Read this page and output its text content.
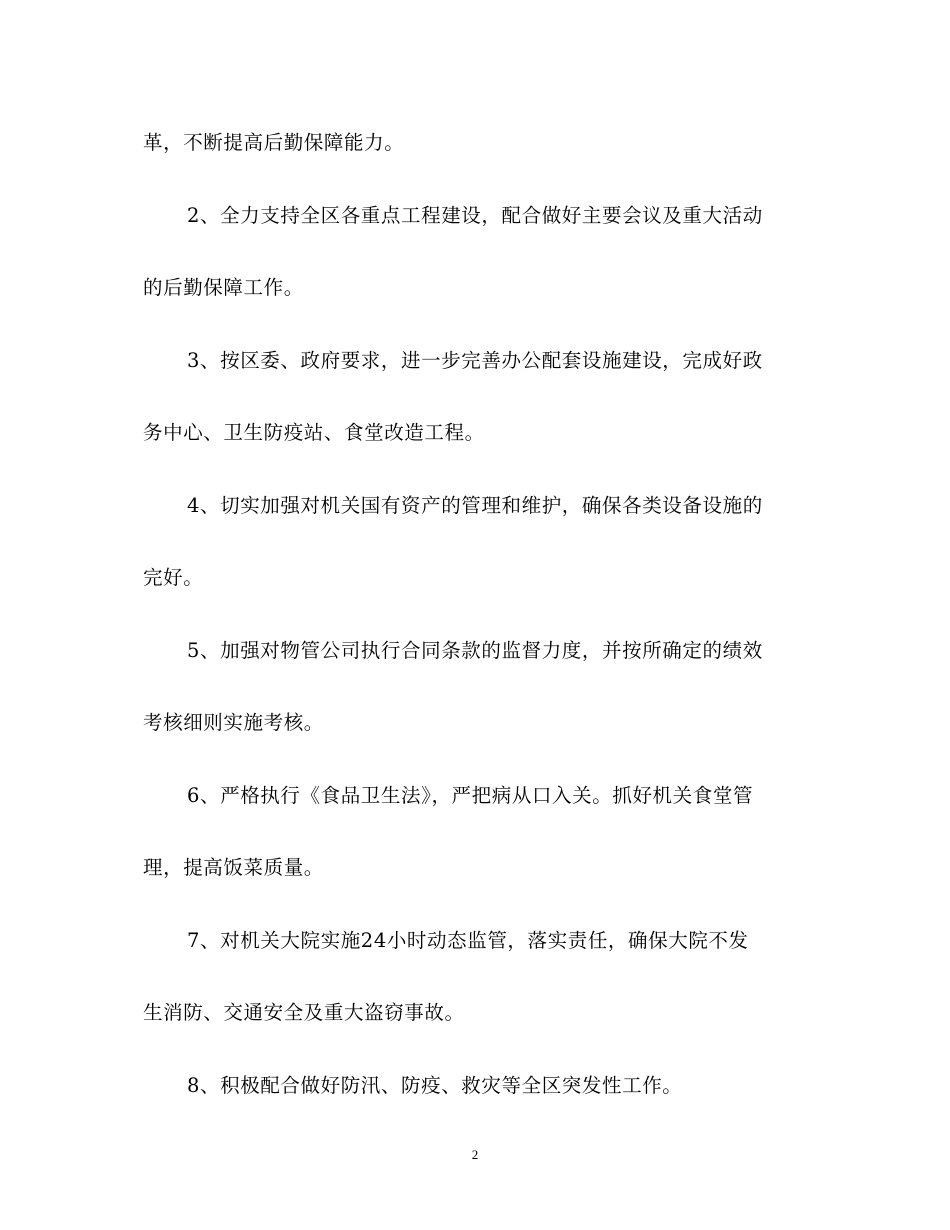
革，不断提高后勤保障能力。
2、全力支持全区各重点工程建设，配合做好主要会议及重大活动
的后勤保障工作。
3、按区委、政府要求，进一步完善办公配套设施建设，完成好政
务中心、卫生防疫站、食堂改造工程。
4、切实加强对机关国有资产的管理和维护，确保各类设备设施的
完好。
5、加强对物管公司执行合同条款的监督力度，并按所确定的绩效
考核细则实施考核。
6、严格执行《食品卫生法》，严把病从口入关。抓好机关食堂管
理，提高饭菜质量。
7、对机关大院实施24小时动态监管，落实责任，确保大院不发
生消防、交通安全及重大盗窃事故。
8、积极配合做好防汛、防疫、救灾等全区突发性工作。
2
